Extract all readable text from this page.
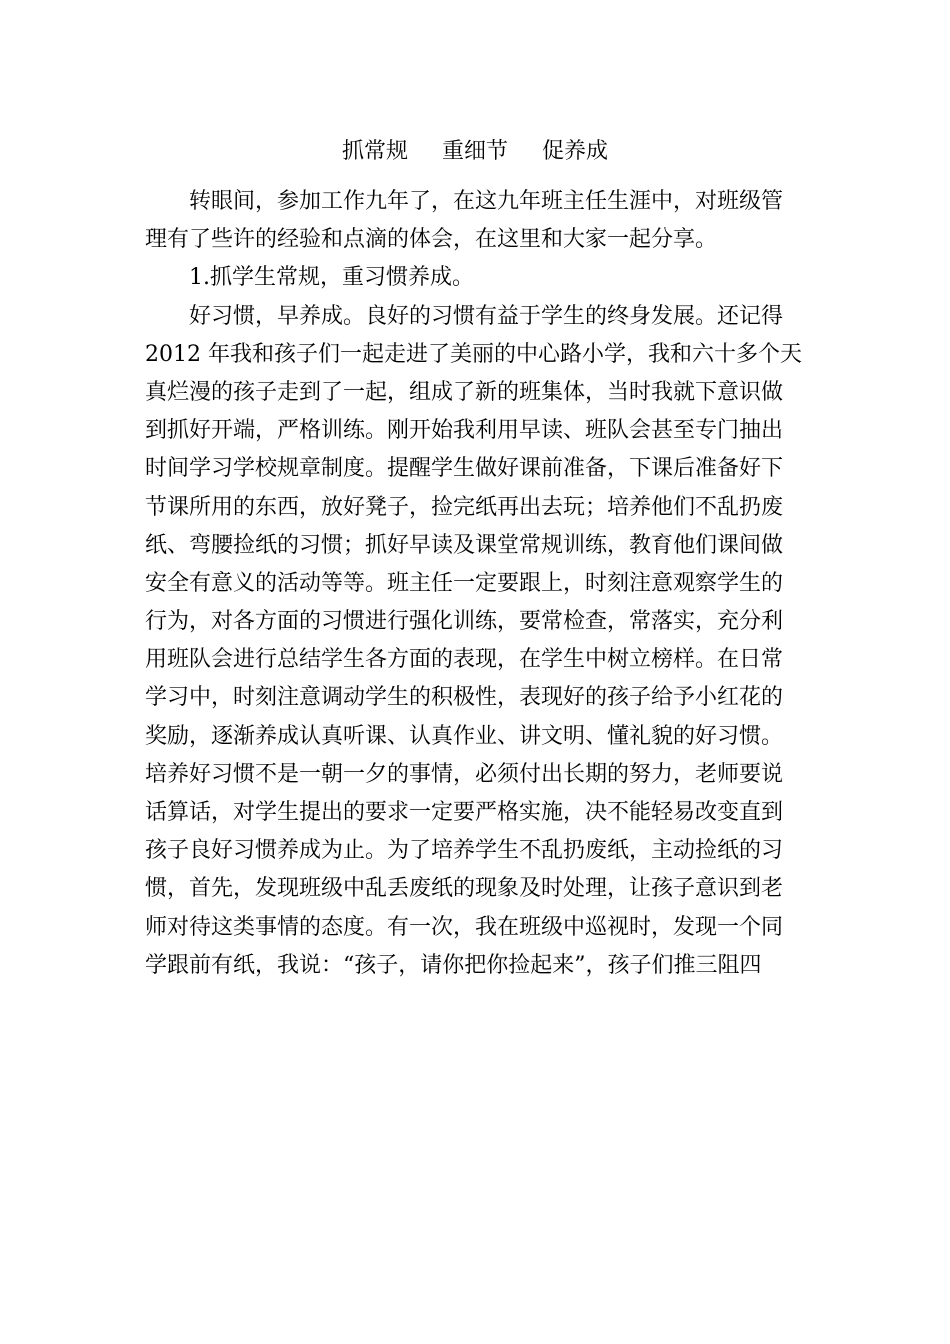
抓常规 重细节 促养成
　　转眼间，参加工作九年了，在这九年班主任生涯中，对班级管
理有了些许的经验和点滴的体会，在这里和大家一起分享。
　　1.抓学生常规，重习惯养成。
　　好习惯，早养成。良好的习惯有益于学生的终身发展。还记得
2012 年我和孩子们一起走进了美丽的中心路小学，我和六十多个天
真烂漫的孩子走到了一起，组成了新的班集体，当时我就下意识做
到抓好开端，严格训练。刚开始我利用早读、班队会甚至专门抽出
时间学习学校规章制度。提醒学生做好课前准备，下课后准备好下
节课所用的东西，放好凳子，捡完纸再出去玩；培养他们不乱扔废
纸、弯腰捡纸的习惯；抓好早读及课堂常规训练，教育他们课间做
安全有意义的活动等等。班主任一定要跟上，时刻注意观察学生的
行为，对各方面的习惯进行强化训练，要常检查，常落实，充分利
用班队会进行总结学生各方面的表现，在学生中树立榜样。在日常
学习中，时刻注意调动学生的积极性，表现好的孩子给予小红花的
奖励，逐渐养成认真听课、认真作业、讲文明、懂礼貌的好习惯。
培养好习惯不是一朝一夕的事情，必须付出长期的努力，老师要说
话算话，对学生提出的要求一定要严格实施，决不能轻易改变直到
孩子良好习惯养成为止。为了培养学生不乱扔废纸，主动捡纸的习
惯，首先，发现班级中乱丢废纸的现象及时处理，让孩子意识到老
师对待这类事情的态度。有一次，我在班级中巡视时，发现一个同
学跟前有纸，我说：“孩子，请你把你捡起来”，孩子们推三阻四
